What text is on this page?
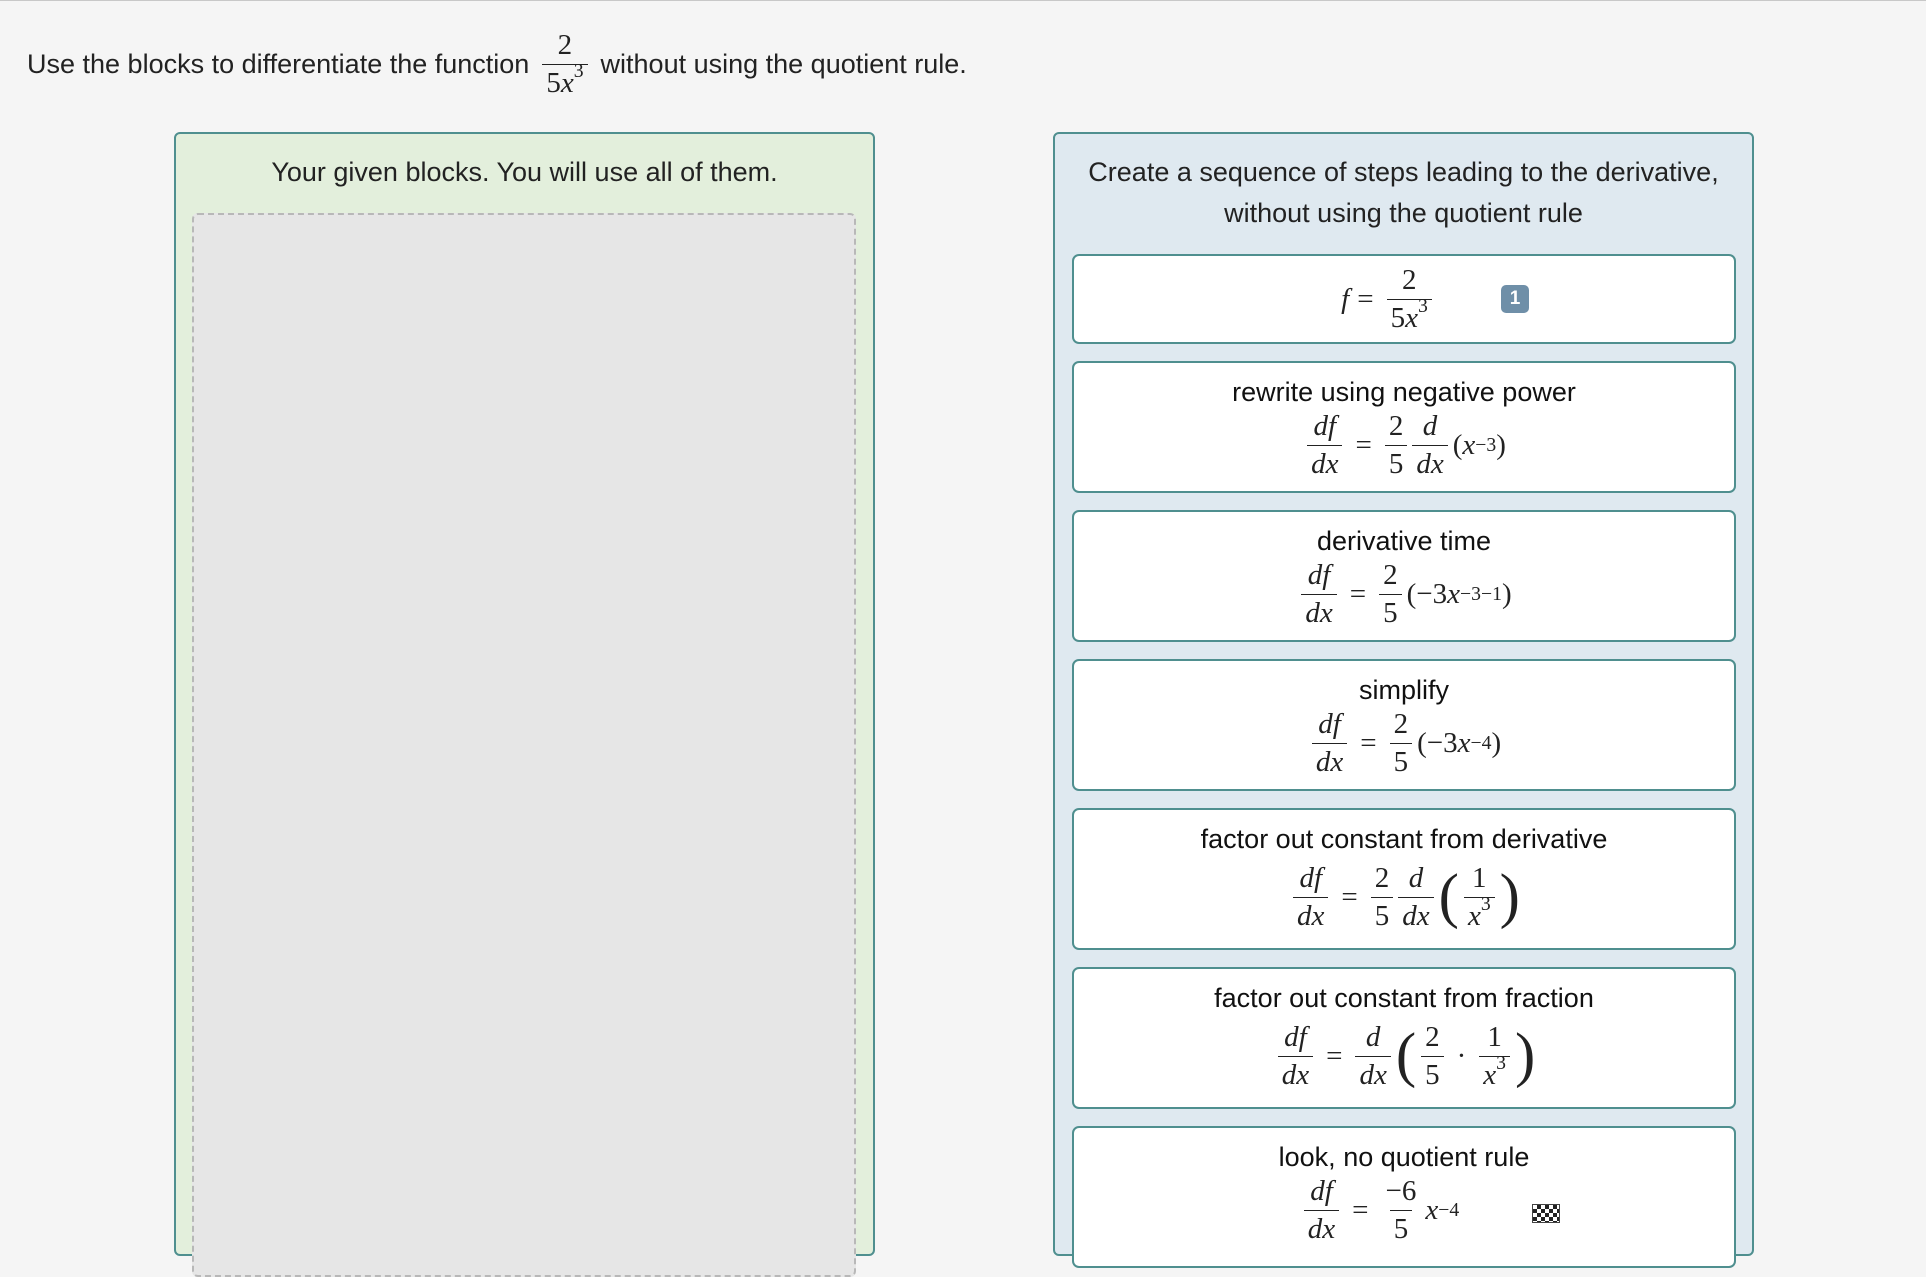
Use the blocks to differentiate the function $\frac{2}{5x^3}$ without using the quotient rule.
Your given blocks. You will use all of them.	Create a sequence of steps leading to the derivative,
without using the quotient rule
$f = \frac{2}{5x^3}$	1
rewrite using negative power
$\frac{df}{dx} = \frac{2}{5} \frac{d}{dx}$ ( x −3 )
derivative time
$\frac{df}{dx} = \frac{2}{5}$ ( −3 x −3−1 )
simplify
$\frac{df}{dx} = \frac{2}{5}$ ( −3 x −4 )
factor out constant from derivative
$\frac{df}{dx} = \frac{2}{5} \frac{d}{dx}$ ( $\frac{1}{x^3}$ )
factor out constant from fraction
$\frac{df}{dx} = \frac{d}{dx}$ ( $\frac{2}{5} \cdot \frac{1}{x^3}$ )
look, no quotient rule
$\frac{df}{dx} = \frac{-6}{5}$ x −4
